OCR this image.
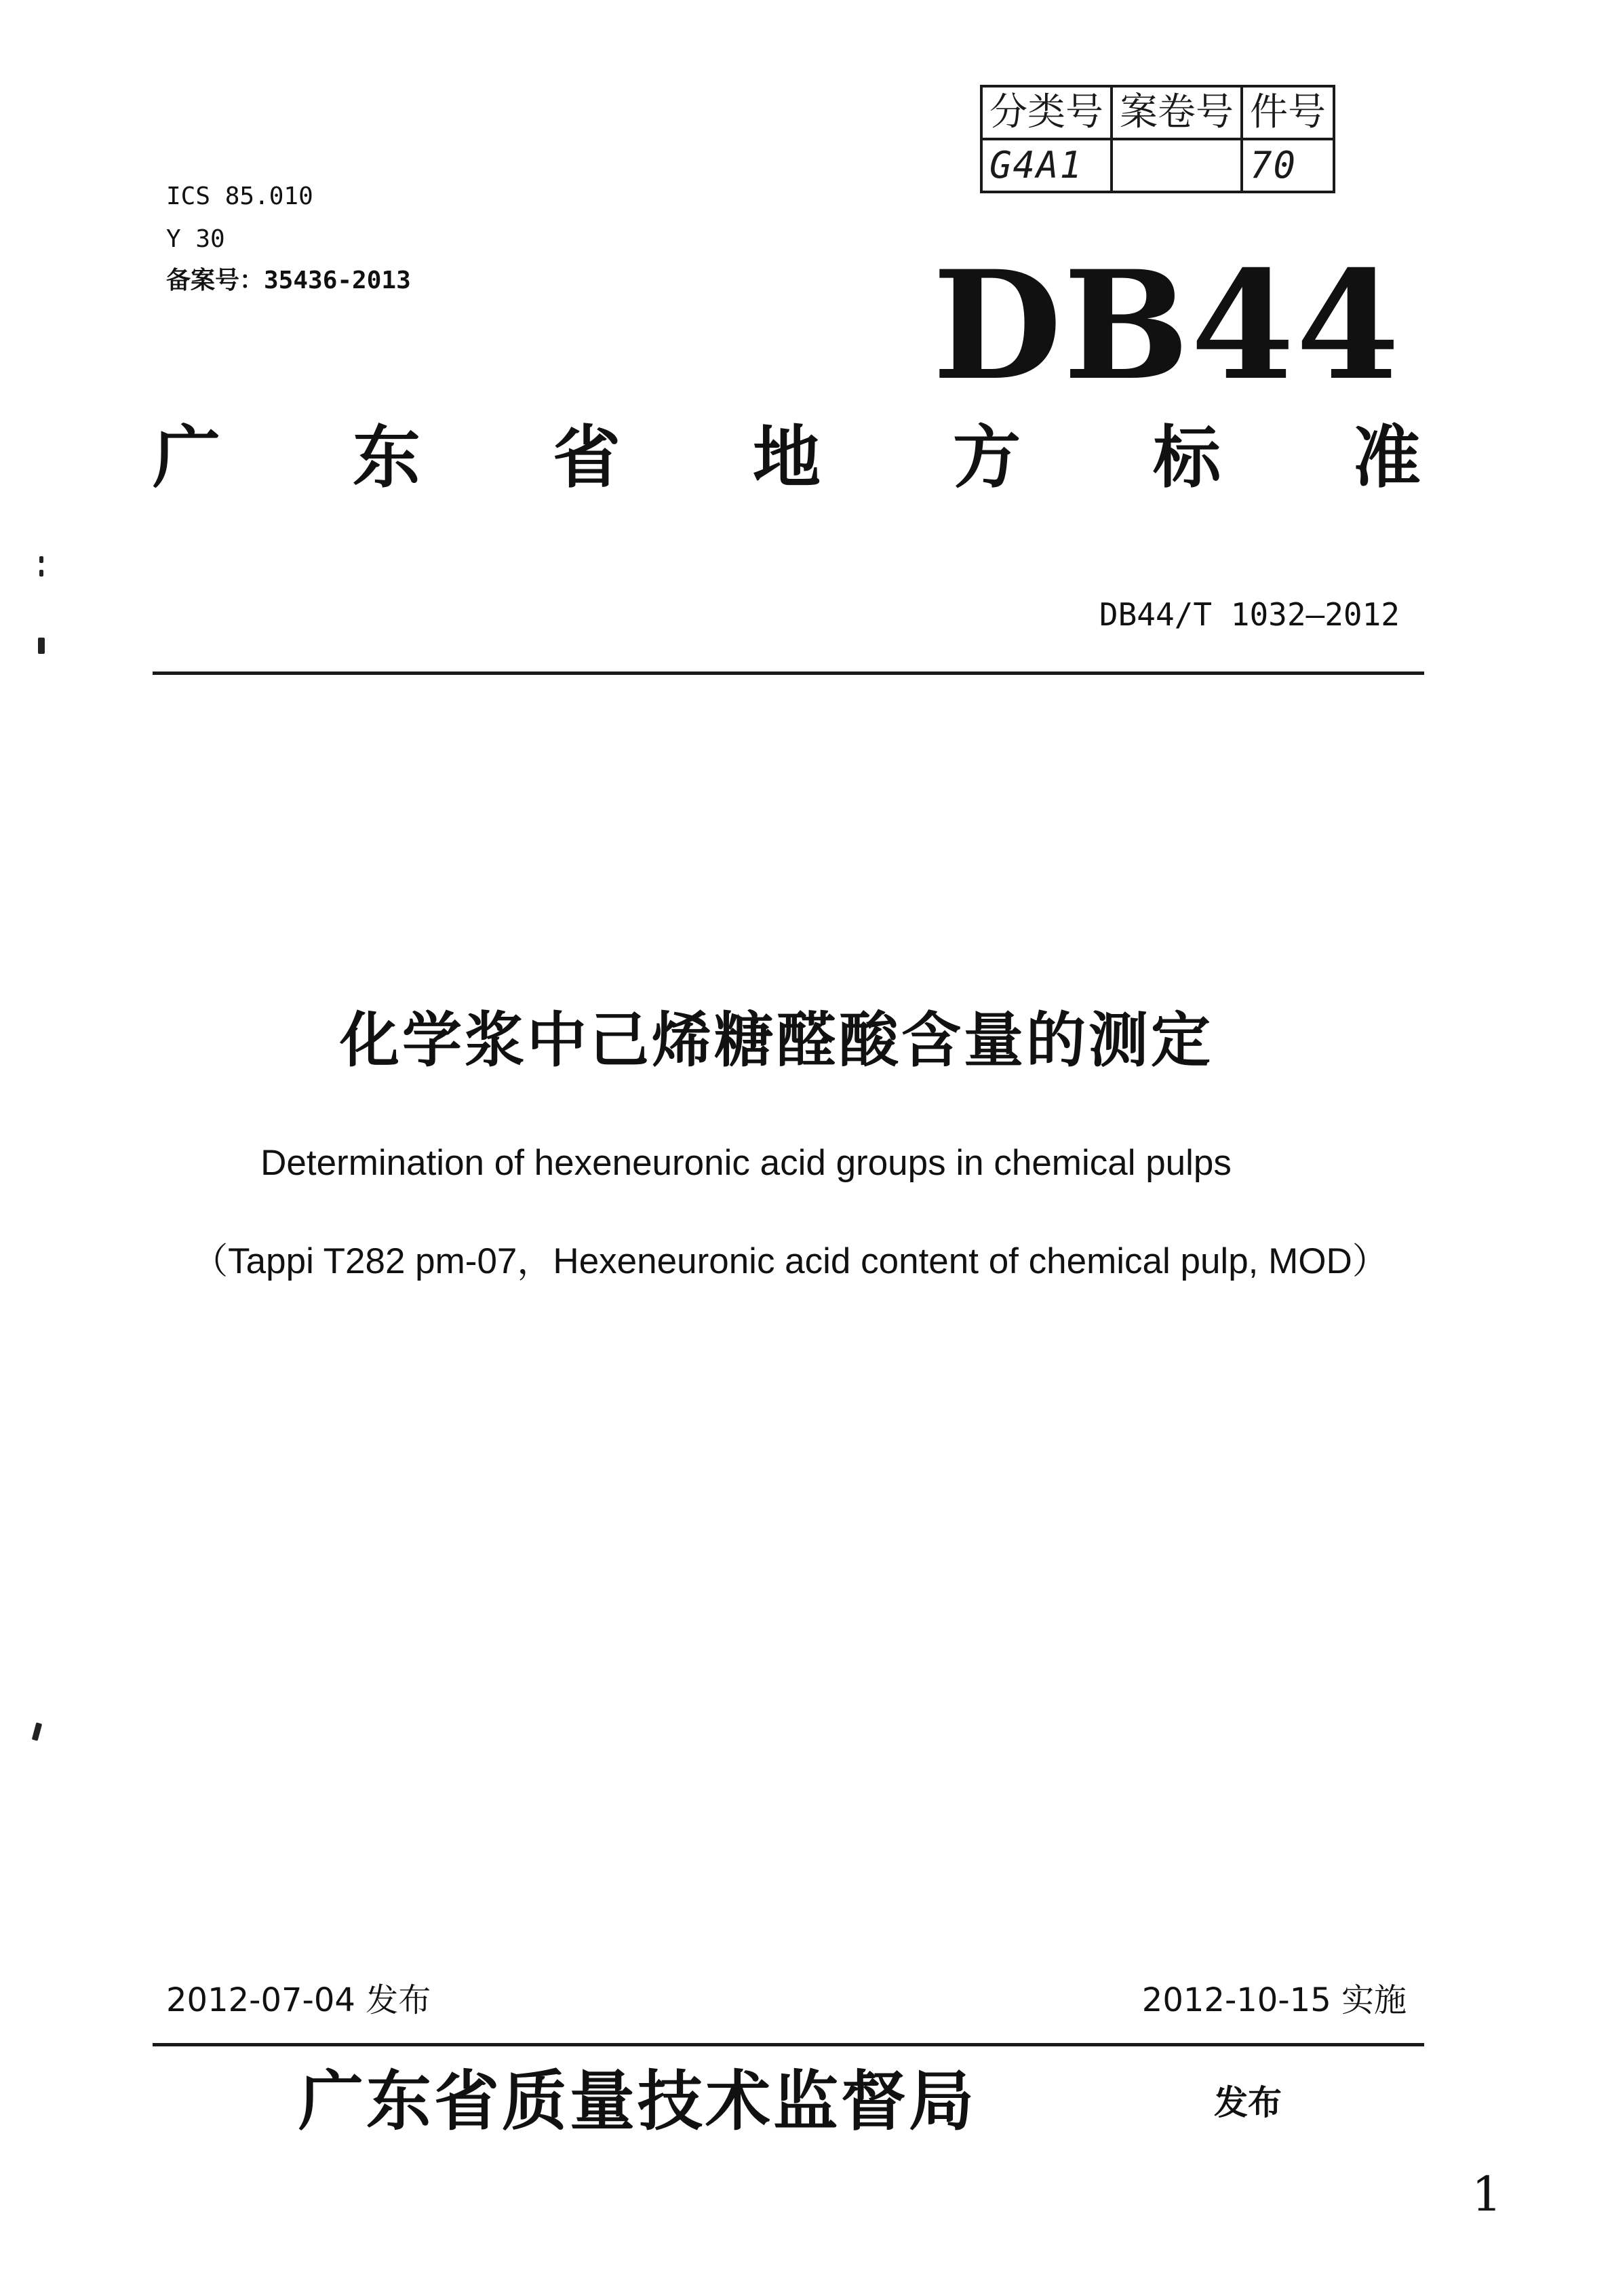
分类号	案卷号	件号
G4A1		70
ICS 85.010
Y 30
备案号：35436-2013	DB44
广 东 省 地 方 标 准
DB44/T 1032—2012
化学浆中己烯糖醛酸含量的测定
Determination of hexeneuronic acid groups in chemical pulps
（Tappi T282 pm-07，Hexeneuronic acid content of chemical pulp, MOD）
2012-07-04 发布	2012-10-15 实施
广东省质量技术监督局	发布
1
